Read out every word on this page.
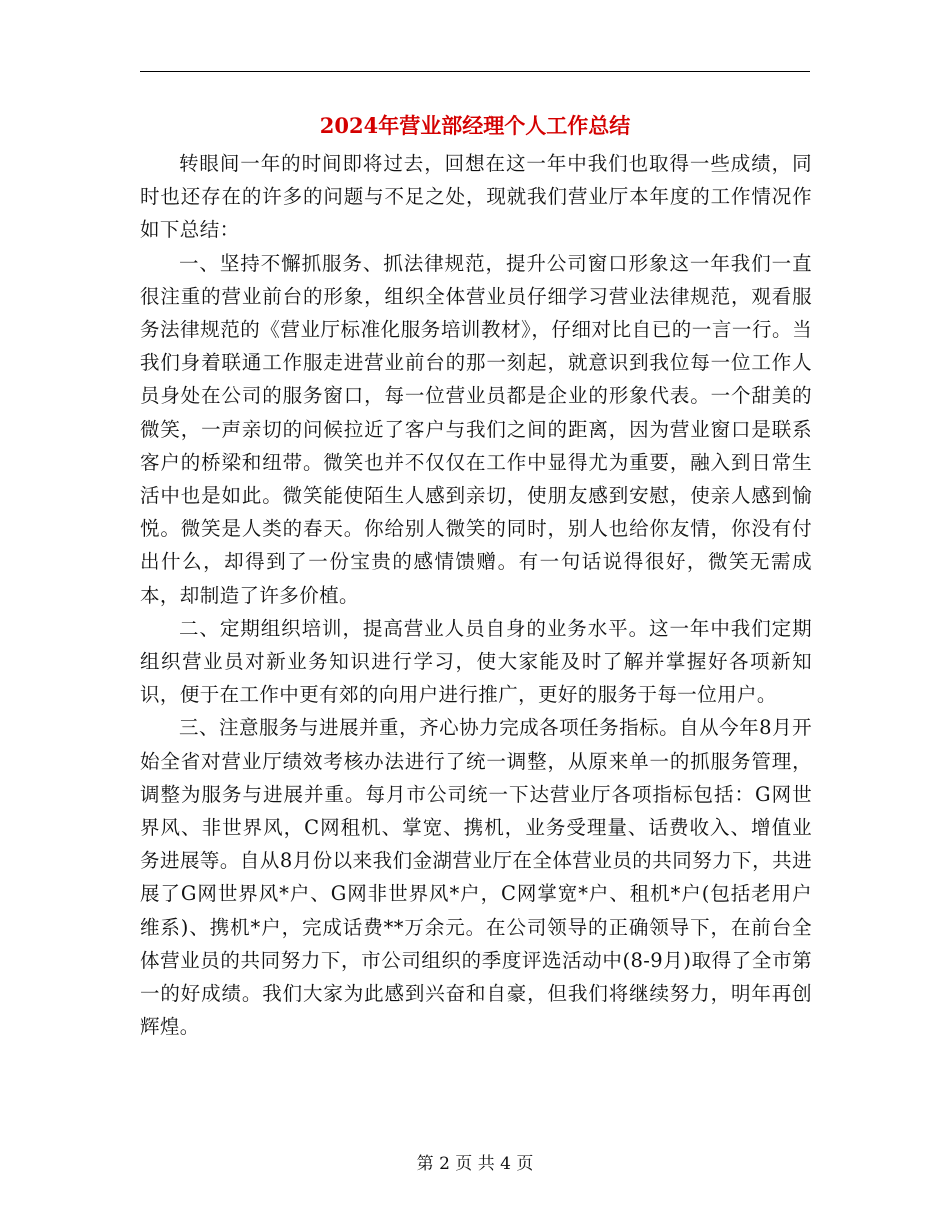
2024年营业部经理个人工作总结

转眼间一年的时间即将过去，回想在这一年中我们也取得一些成绩，同时也还存在的许多的问题与不足之处，现就我们营业厅本年度的工作情况作如下总结：

一、坚持不懈抓服务、抓法律规范，提升公司窗口形象这一年我们一直很注重的营业前台的形象，组织全体营业员仔细学习营业法律规范，观看服务法律规范的《营业厅标准化服务培训教材》，仔细对比自已的一言一行。当我们身着联通工作服走进营业前台的那一刻起，就意识到我位每一位工作人员身处在公司的服务窗口，每一位营业员都是企业的形象代表。一个甜美的微笑，一声亲切的问候拉近了客户与我们之间的距离，因为营业窗口是联系客户的桥梁和纽带。微笑也并不仅仅在工作中显得尤为重要，融入到日常生活中也是如此。微笑能使陌生人感到亲切，使朋友感到安慰，使亲人感到愉悦。微笑是人类的春天。你给别人微笑的同时，别人也给你友情，你没有付出什么，却得到了一份宝贵的感情馈赠。有一句话说得很好，微笑无需成本，却制造了许多价植。

二、定期组织培训，提高营业人员自身的业务水平。这一年中我们定期组织营业员对新业务知识进行学习，使大家能及时了解并掌握好各项新知识，便于在工作中更有郊的向用户进行推广，更好的服务于每一位用户。

三、注意服务与进展并重，齐心协力完成各项任务指标。自从今年8月开始全省对营业厅绩效考核办法进行了统一调整，从原来单一的抓服务管理，调整为服务与进展并重。每月市公司统一下达营业厅各项指标包括：G网世界风、非世界风，C网租机、掌宽、携机，业务受理量、话费收入、增值业务进展等。自从8月份以来我们金湖营业厅在全体营业员的共同努力下，共进展了G网世界风*户、G网非世界风*户，C网掌宽*户、租机*户(包括老用户维系)、携机*户，完成话费**万余元。在公司领导的正确领导下，在前台全体营业员的共同努力下，市公司组织的季度评选活动中(8-9月)取得了全市第一的好成绩。我们大家为此感到兴奋和自豪，但我们将继续努力，明年再创辉煌。

第 2 页 共 4 页
